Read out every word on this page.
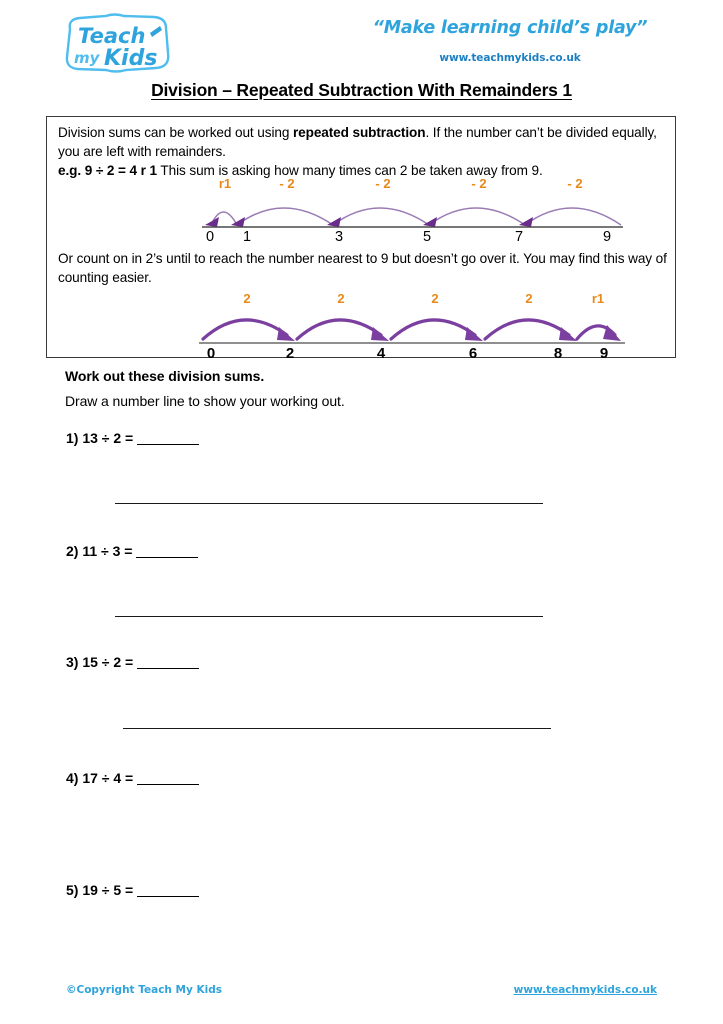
Teach
my Kids
“Make learning child’s play”
www.teachmykids.co.uk
Division – Repeated Subtraction With Remainders 1
Division sums can be worked out using repeated subtraction. If the number can’t be divided equally, you are left with remainders.
e.g. 9 ÷ 2 = 4 r 1 This sum is asking how many times can 2 be taken away from 9.
r1	- 2	- 2	- 2	- 2
0	1	3	5	7	9
Or count on in 2’s until to reach the number nearest to 9 but doesn’t go over it. You may find this way of counting easier.
2	2	2	2	r1
0	2	4	6	8	9
Work out these division sums.
Draw a number line to show your working out.
1) 13 ÷ 2 =
2) 11 ÷ 3 =
3) 15 ÷ 2 =
4) 17 ÷ 4 =
5) 19 ÷ 5 =
©Copyright Teach My Kids	www.teachmykids.co.uk
